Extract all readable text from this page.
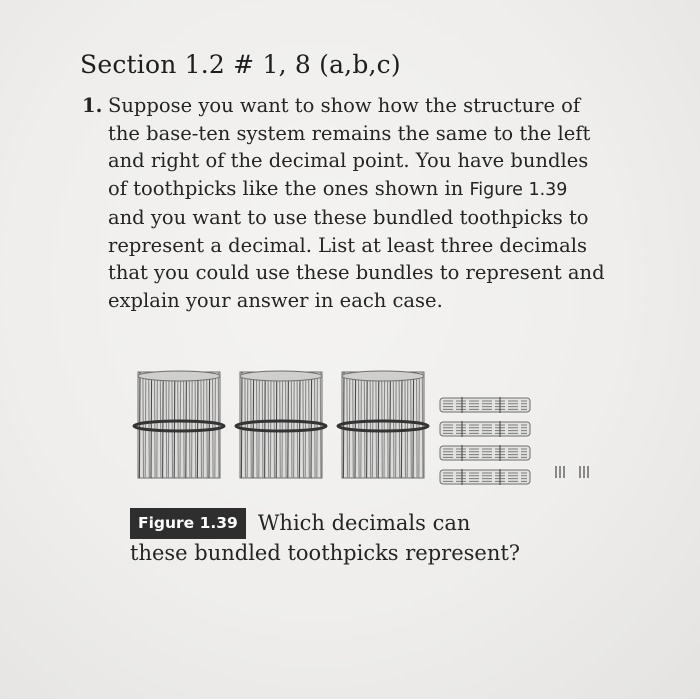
Section 1.2 # 1, 8 (a,b,c)
1. Suppose you want to show how the structure of
the base-ten system remains the same to the left
and right of the decimal point. You have bundles
of toothpicks like the ones shown in Figure 1.39
and you want to use these bundled toothpicks to
represent a decimal. List at least three decimals
that you could use these bundles to represent and
explain your answer in each case.
Figure 1.39 Which decimals can
these bundled toothpicks represent?
